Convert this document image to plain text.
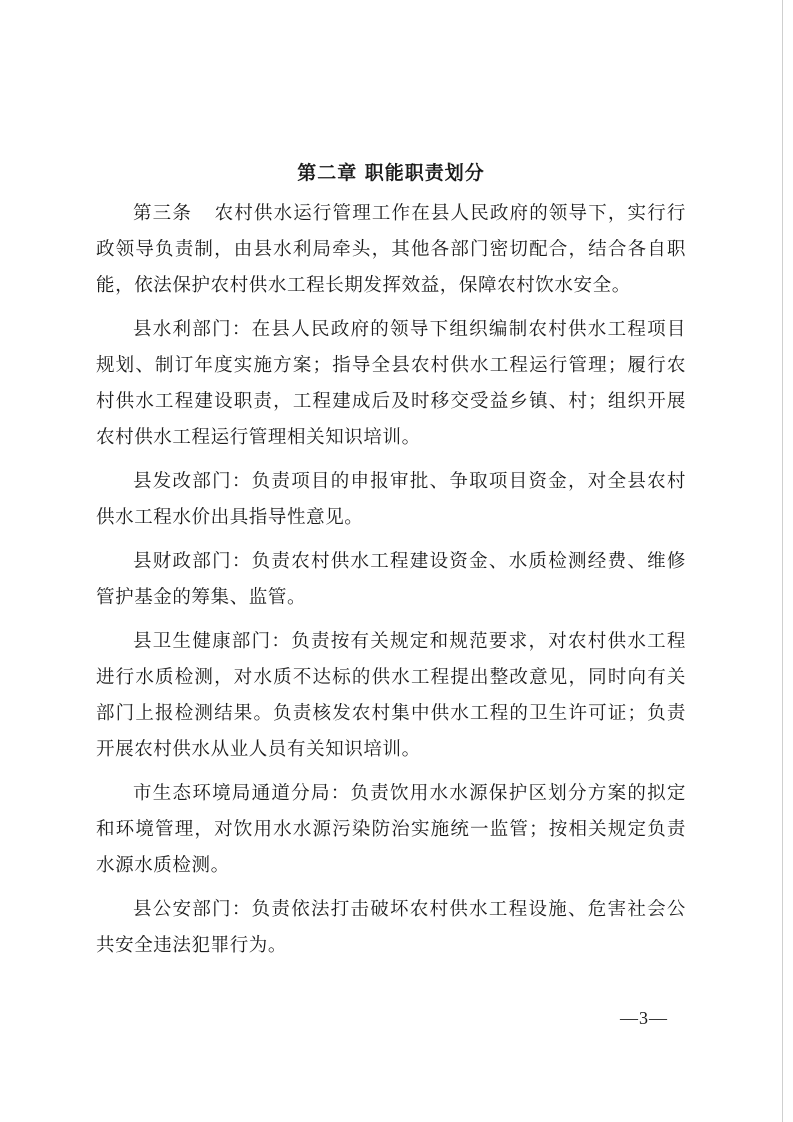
第二章 职能职责划分

第三条 农村供水运行管理工作在县人民政府的领导下，实行行政领导负责制，由县水利局牵头，其他各部门密切配合，结合各自职能，依法保护农村供水工程长期发挥效益，保障农村饮水安全。

县水利部门：在县人民政府的领导下组织编制农村供水工程项目规划、制订年度实施方案；指导全县农村供水工程运行管理；履行农村供水工程建设职责，工程建成后及时移交受益乡镇、村；组织开展农村供水工程运行管理相关知识培训。

县发改部门：负责项目的申报审批、争取项目资金，对全县农村供水工程水价出具指导性意见。

县财政部门：负责农村供水工程建设资金、水质检测经费、维修管护基金的筹集、监管。

县卫生健康部门：负责按有关规定和规范要求，对农村供水工程进行水质检测，对水质不达标的供水工程提出整改意见，同时向有关部门上报检测结果。负责核发农村集中供水工程的卫生许可证；负责开展农村供水从业人员有关知识培训。

市生态环境局通道分局：负责饮用水水源保护区划分方案的拟定和环境管理，对饮用水水源污染防治实施统一监管；按相关规定负责水源水质检测。

县公安部门：负责依法打击破坏农村供水工程设施、危害社会公共安全违法犯罪行为。

—3—
